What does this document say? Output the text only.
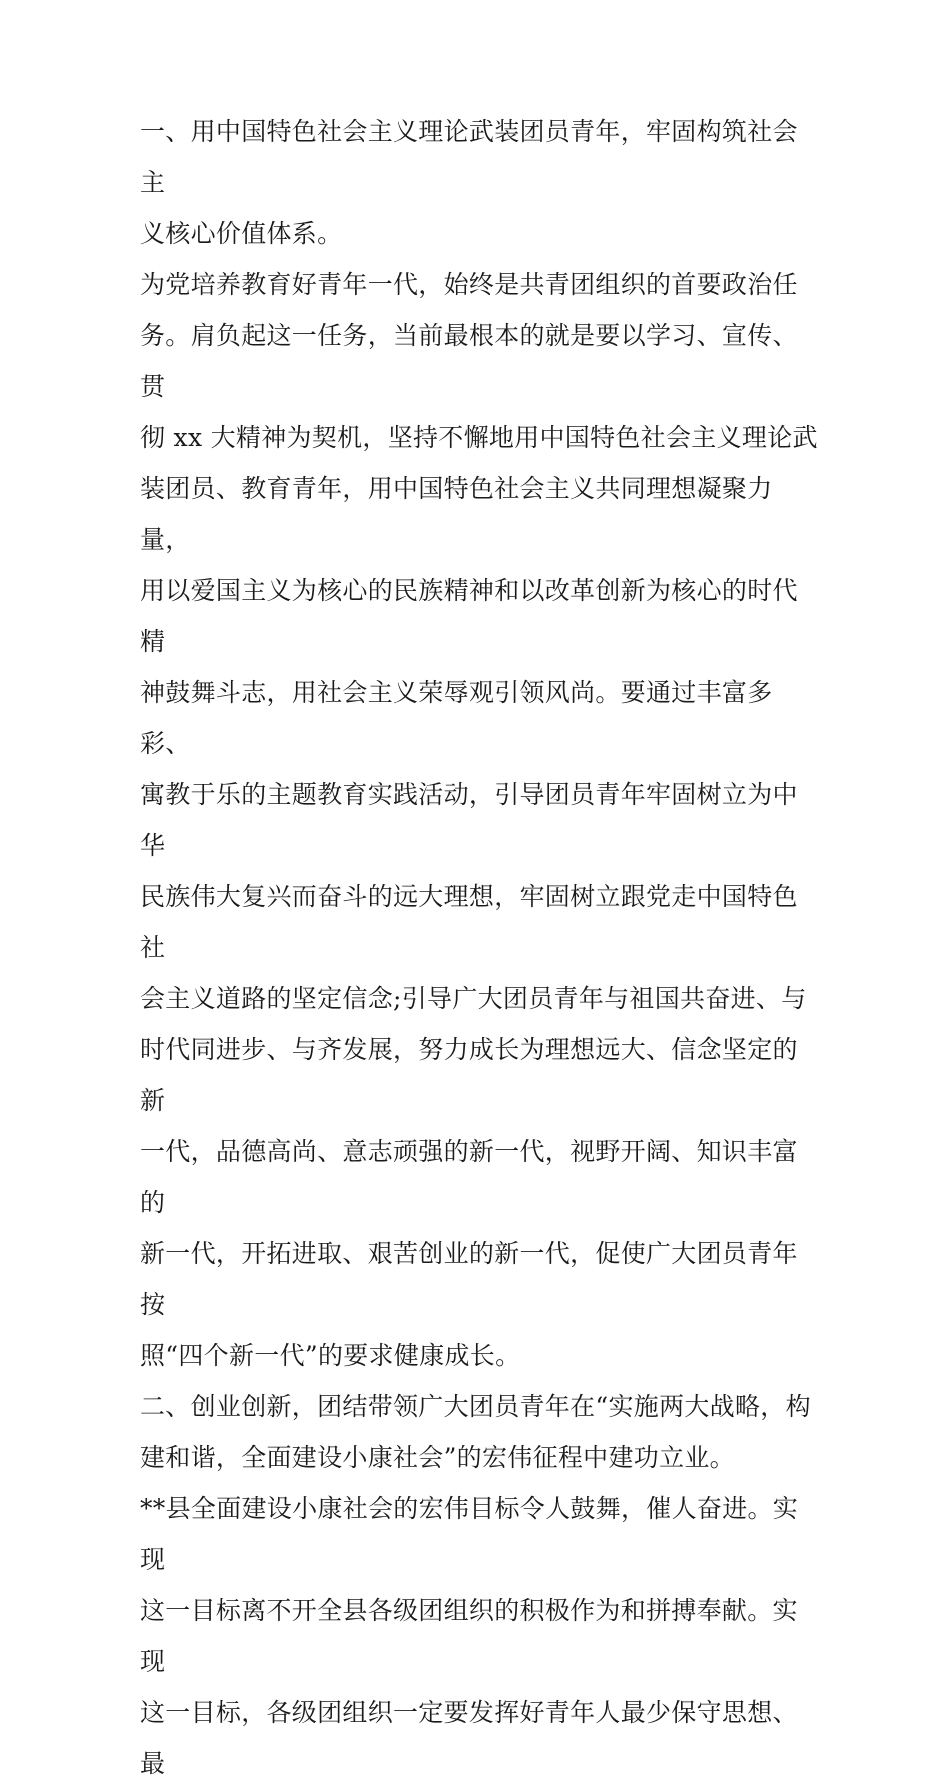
一、用中国特色社会主义理论武装团员青年，牢固构筑社会主
义核心价值体系。

为党培养教育好青年一代，始终是共青团组织的首要政治任
务。肩负起这一任务，当前最根本的就是要以学习、宣传、贯
彻 xx 大精神为契机，坚持不懈地用中国特色社会主义理论武
装团员、教育青年，用中国特色社会主义共同理想凝聚力量，
用以爱国主义为核心的民族精神和以改革创新为核心的时代精
神鼓舞斗志，用社会主义荣辱观引领风尚。要通过丰富多彩、
寓教于乐的主题教育实践活动，引导团员青年牢固树立为中华
民族伟大复兴而奋斗的远大理想，牢固树立跟党走中国特色社
会主义道路的坚定信念;引导广大团员青年与祖国共奋进、与
时代同进步、与齐发展，努力成长为理想远大、信念坚定的新
一代，品德高尚、意志顽强的新一代，视野开阔、知识丰富的
新一代，开拓进取、艰苦创业的新一代，促使广大团员青年按
照“四个新一代”的要求健康成长。

二、创业创新，团结带领广大团员青年在“实施两大战略，构
建和谐，全面建设小康社会”的宏伟征程中建功立业。

**县全面建设小康社会的宏伟目标令人鼓舞，催人奋进。实现
这一目标离不开全县各级团组织的积极作为和拼搏奉献。实现
这一目标，各级团组织一定要发挥好青年人最少保守思想、最
